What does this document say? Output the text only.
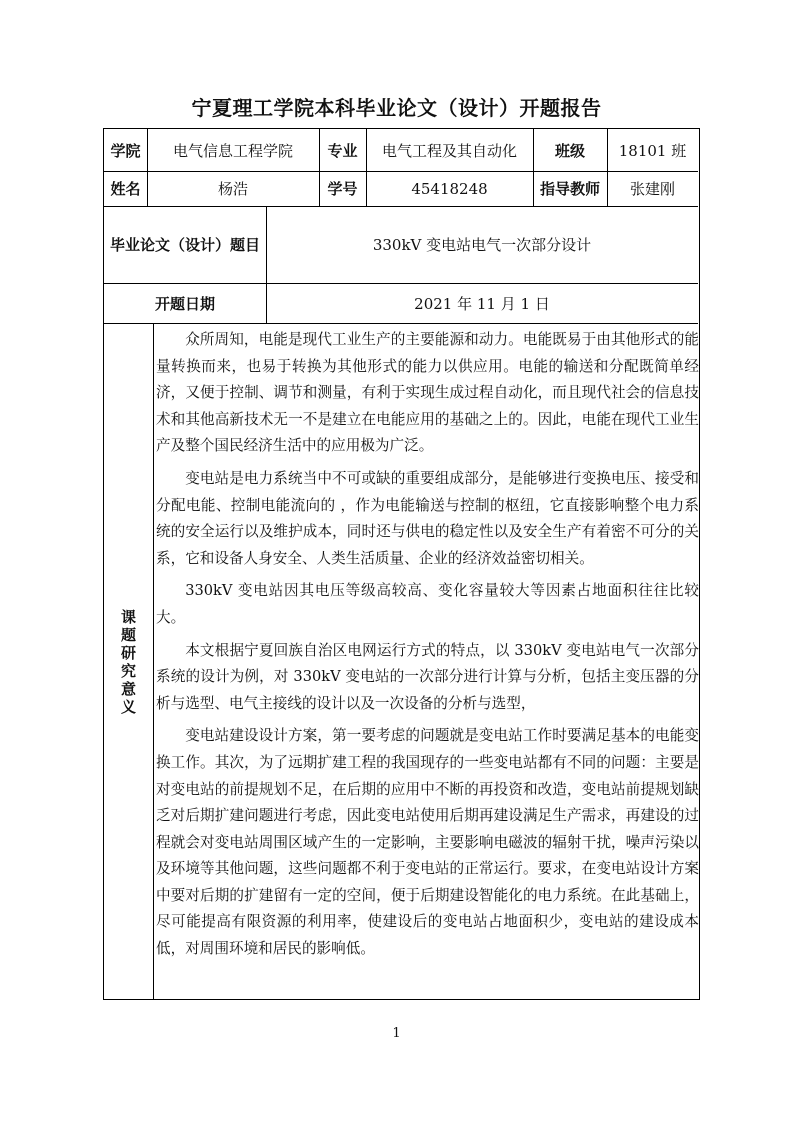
宁夏理工学院本科毕业论文（设计）开题报告
学院	电气信息工程学院	专业	电气工程及其自动化	班级	18101 班
姓名	杨浩	学号	45418248	指导教师	张建刚
毕业论文（设计）题目	330kV 变电站电气一次部分设计
开题日期	2021 年 11 月 1 日
课题研究意义

众所周知，电能是现代工业生产的主要能源和动力。电能既易于由其他形式的能量转换而来，也易于转换为其他形式的能力以供应用。电能的输送和分配既简单经济，又便于控制、调节和测量，有利于实现生成过程自动化，而且现代社会的信息技术和其他高新技术无一不是建立在电能应用的基础之上的。因此，电能在现代工业生产及整个国民经济生活中的应用极为广泛。

变电站是电力系统当中不可或缺的重要组成部分，是能够进行变换电压、接受和分配电能、控制电能流向的 ，作为电能输送与控制的枢纽，它直接影响整个电力系统的安全运行以及维护成本，同时还与供电的稳定性以及安全生产有着密不可分的关系，它和设备人身安全、人类生活质量、企业的经济效益密切相关。

330kV 变电站因其电压等级高较高、变化容量较大等因素占地面积往往比较大。

本文根据宁夏回族自治区电网运行方式的特点，以 330kV 变电站电气一次部分系统的设计为例，对 330kV 变电站的一次部分进行计算与分析，包括主变压器的分析与选型、电气主接线的设计以及一次设备的分析与选型，

变电站建设设计方案，第一要考虑的问题就是变电站工作时要满足基本的电能变换工作。其次，为了远期扩建工程的我国现存的一些变电站都有不同的问题：主要是对变电站的前提规划不足，在后期的应用中不断的再投资和改造，变电站前提规划缺乏对后期扩建问题进行考虑，因此变电站使用后期再建设满足生产需求，再建设的过程就会对变电站周围区域产生的一定影响，主要影响电磁波的辐射干扰，噪声污染以及环境等其他问题，这些问题都不利于变电站的正常运行。要求，在变电站设计方案中要对后期的扩建留有一定的空间，便于后期建设智能化的电力系统。在此基础上，尽可能提高有限资源的利用率，使建设后的变电站占地面积少，变电站的建设成本低，对周围环境和居民的影响低。

1
